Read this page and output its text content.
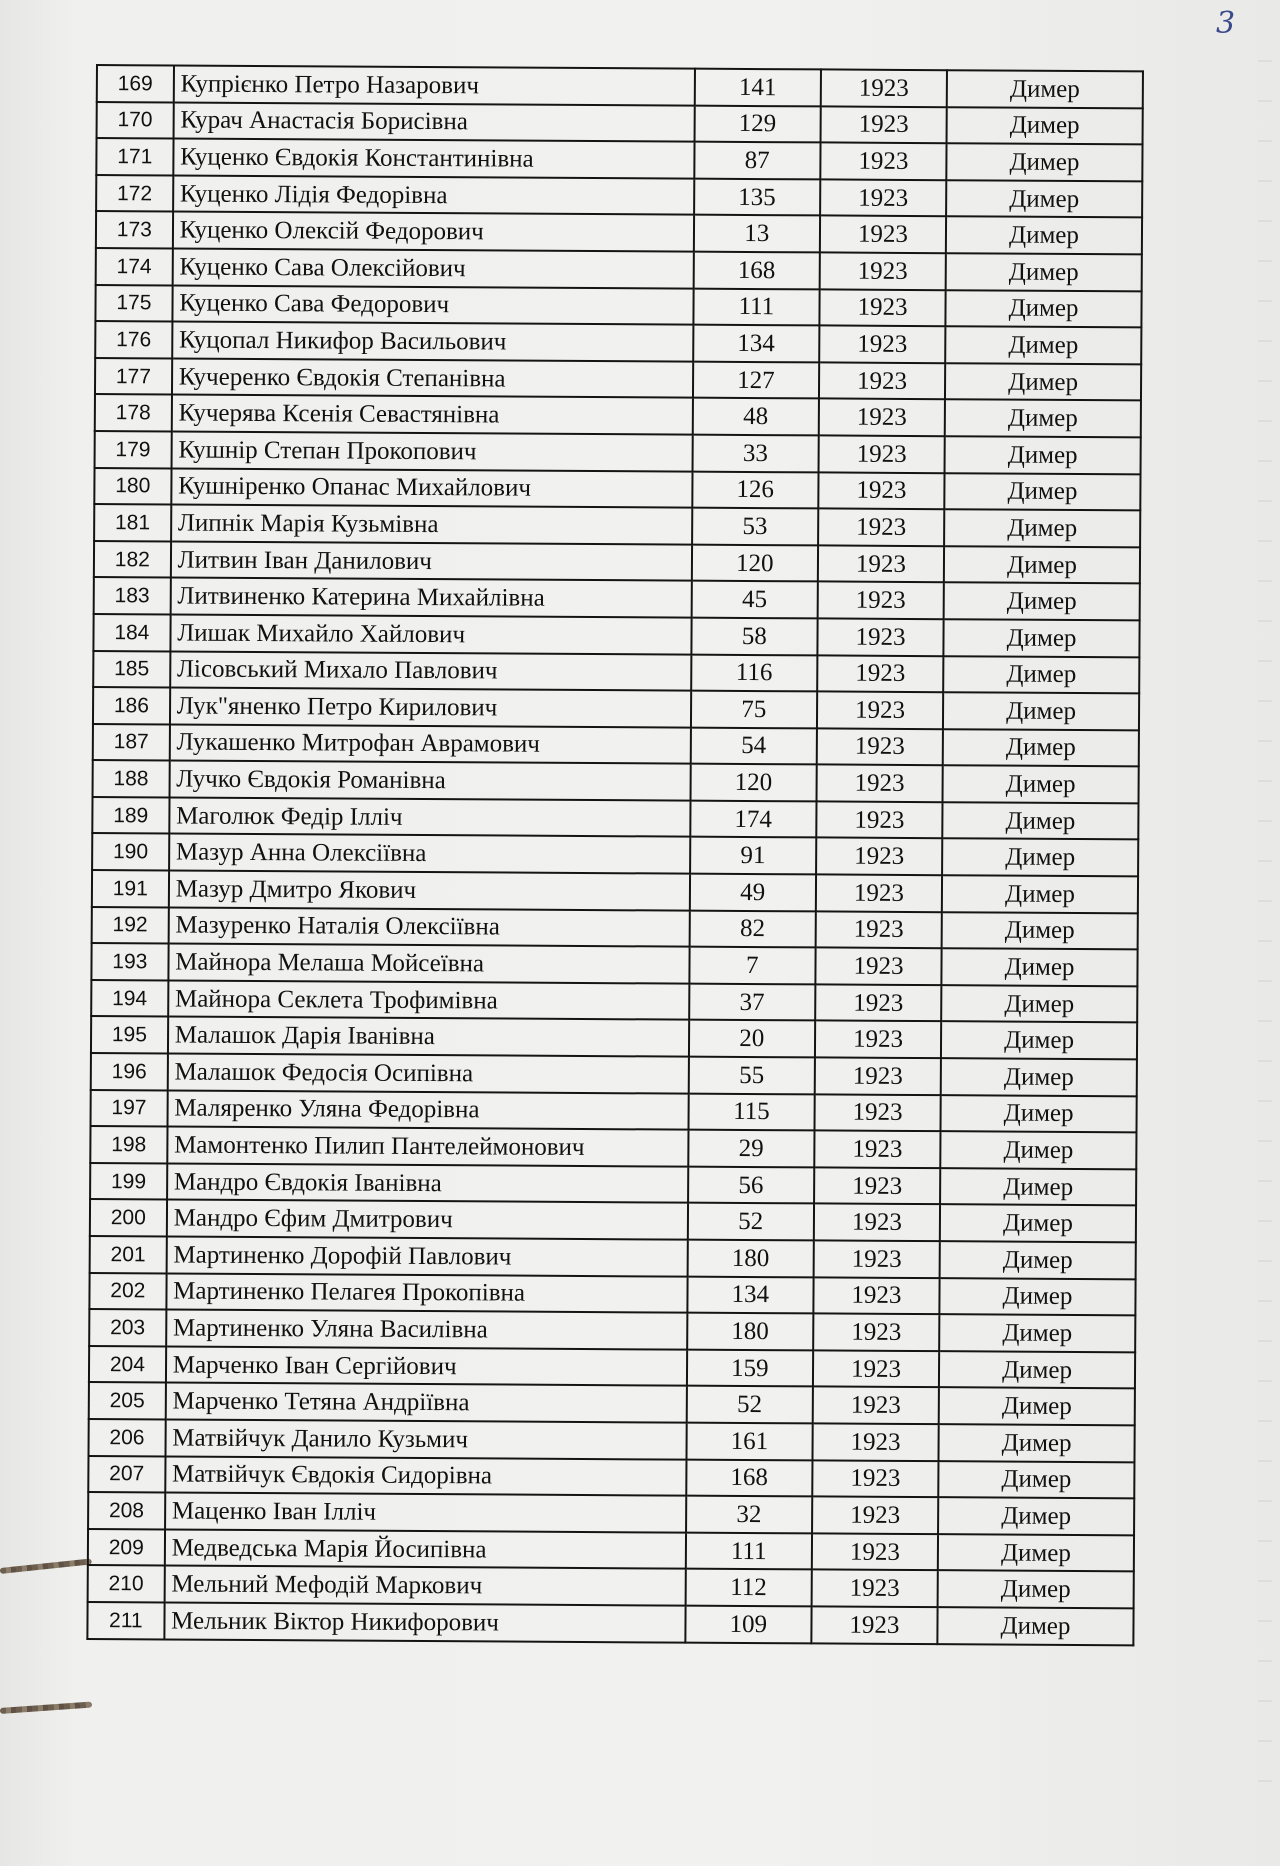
3
169	Купрієнко Петро Назарович	141	1923	Димер
170	Курач Анастасія Борисівна	129	1923	Димер
171	Куценко Євдокія Константинівна	87	1923	Димер
172	Куценко Лідія Федорівна	135	1923	Димер
173	Куценко Олексій Федорович	13	1923	Димер
174	Куценко Сава Олексійович	168	1923	Димер
175	Куценко Сава Федорович	111	1923	Димер
176	Куцопал Никифор Васильович	134	1923	Димер
177	Кучеренко Євдокія Степанівна	127	1923	Димер
178	Кучерява Ксенія Севастянівна	48	1923	Димер
179	Кушнір Степан Прокопович	33	1923	Димер
180	Кушніренко Опанас Михайлович	126	1923	Димер
181	Липнік Марія Кузьмівна	53	1923	Димер
182	Литвин Іван Данилович	120	1923	Димер
183	Литвиненко Катерина Михайлівна	45	1923	Димер
184	Лишак Михайло Хайлович	58	1923	Димер
185	Лісовський Михало Павлович	116	1923	Димер
186	Лук"яненко Петро Кирилович	75	1923	Димер
187	Лукашенко Митрофан Аврамович	54	1923	Димер
188	Лучко Євдокія Романівна	120	1923	Димер
189	Маголюк Федір Ілліч	174	1923	Димер
190	Мазур Анна Олексіївна	91	1923	Димер
191	Мазур Дмитро Якович	49	1923	Димер
192	Мазуренко Наталія Олексіївна	82	1923	Димер
193	Майнора Мелаша Мойсеївна	7	1923	Димер
194	Майнора Секлета Трофимівна	37	1923	Димер
195	Малашок Дарія Іванівна	20	1923	Димер
196	Малашок Федосія Осипівна	55	1923	Димер
197	Маляренко Уляна Федорівна	115	1923	Димер
198	Мамонтенко Пилип Пантелеймонович	29	1923	Димер
199	Мандро Євдокія Іванівна	56	1923	Димер
200	Мандро Єфим Дмитрович	52	1923	Димер
201	Мартиненко Дорофій Павлович	180	1923	Димер
202	Мартиненко Пелагея Прокопівна	134	1923	Димер
203	Мартиненко Уляна Василівна	180	1923	Димер
204	Марченко Іван Сергійович	159	1923	Димер
205	Марченко Тетяна Андріївна	52	1923	Димер
206	Матвійчук Данило Кузьмич	161	1923	Димер
207	Матвійчук Євдокія Сидорівна	168	1923	Димер
208	Маценко Іван Ілліч	32	1923	Димер
209	Медведська Марія Йосипівна	111	1923	Димер
210	Мельний Мефодій Маркович	112	1923	Димер
211	Мельник Віктор Никифорович	109	1923	Димер
